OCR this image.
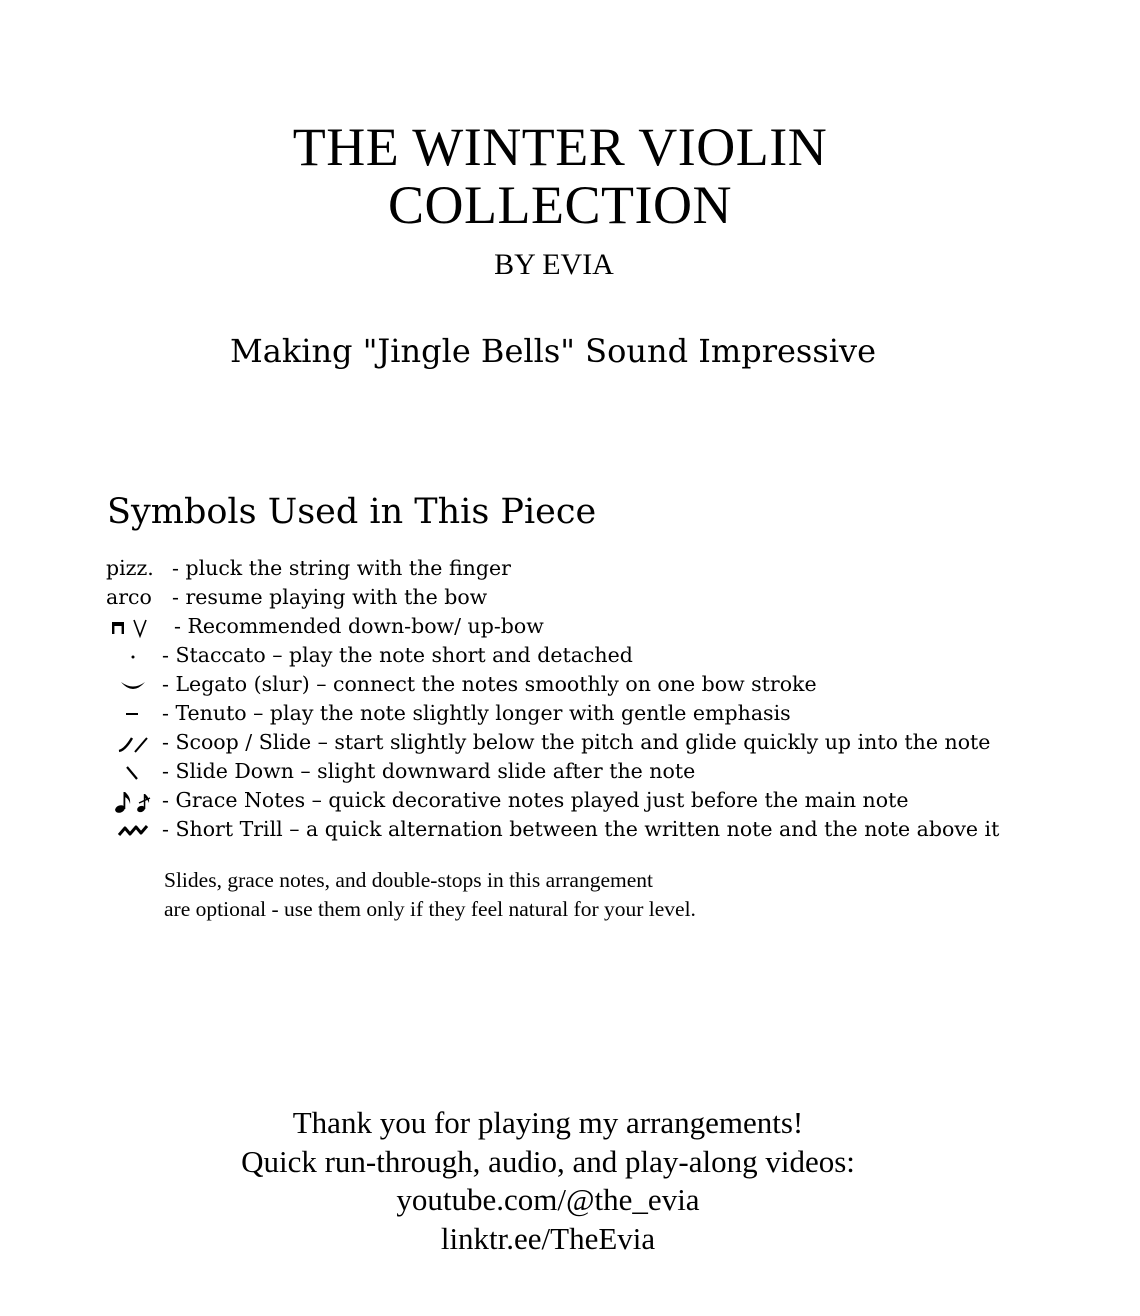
THE WINTER VIOLIN
COLLECTION
BY EVIA
Making "Jingle Bells" Sound Impressive
Symbols Used in This Piece
pizz. - pluck the string with the finger
arco - resume playing with the bow
- Recommended down-bow/ up-bow
- Staccato – play the note short and detached
- Legato (slur) – connect the notes smoothly on one bow stroke
- Tenuto – play the note slightly longer with gentle emphasis
- Scoop / Slide – start slightly below the pitch and glide quickly up into the note
- Slide Down – slight downward slide after the note
- Grace Notes – quick decorative notes played just before the main note
- Short Trill – a quick alternation between the written note and the note above it
Slides, grace notes, and double-stops in this arrangement
are optional - use them only if they feel natural for your level.
Thank you for playing my arrangements!
Quick run-through, audio, and play-along videos:
youtube.com/@the_evia
linktr.ee/TheEvia
